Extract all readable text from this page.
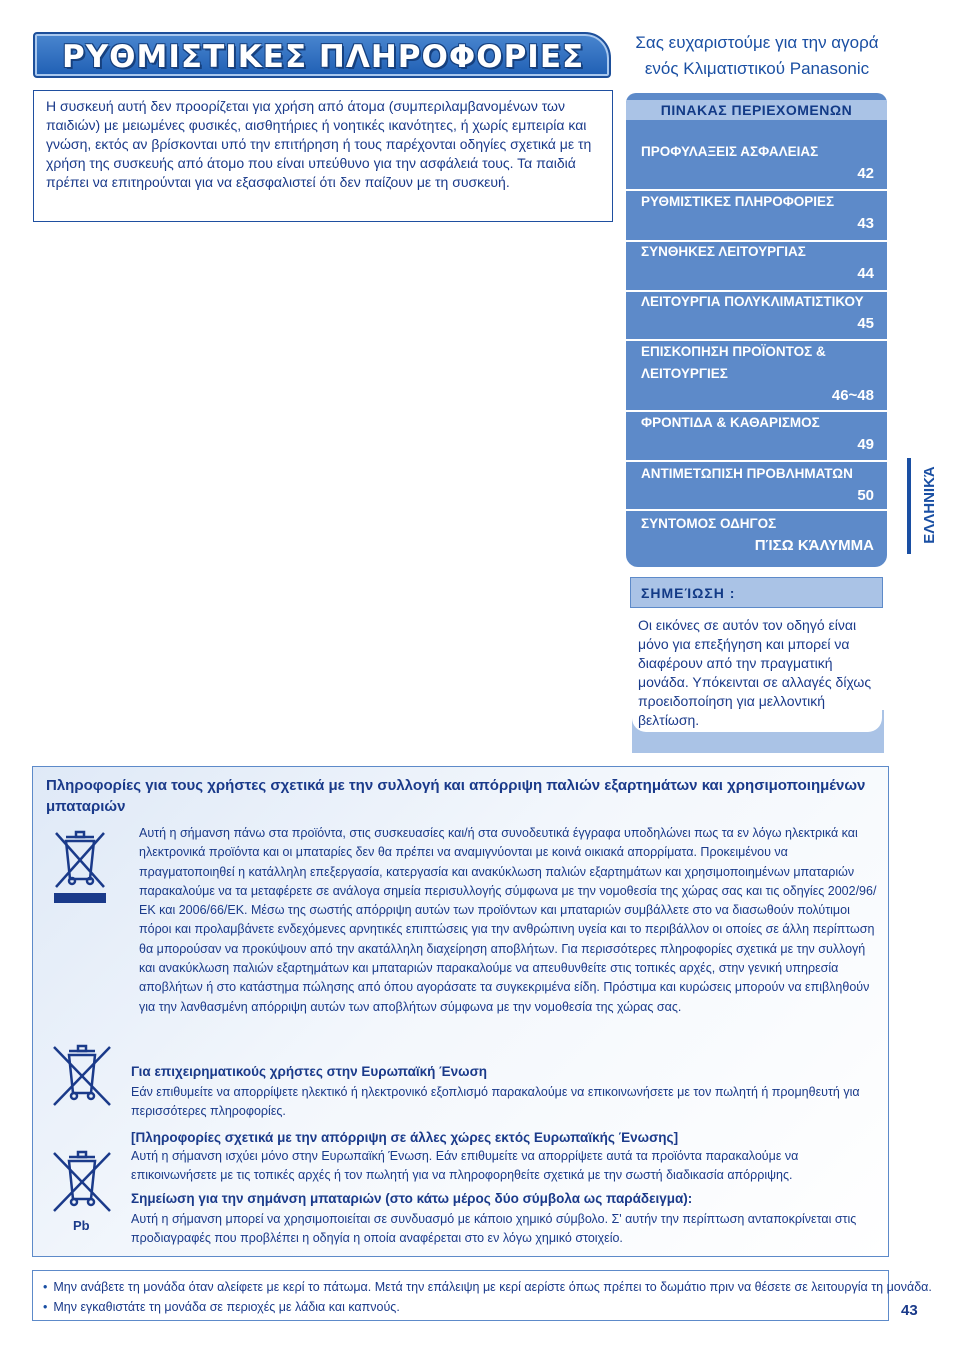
ΡΥΘΜΙΣΤΙΚΕΣ ΠΛΗΡΟΦΟΡΙΕΣ
Η συσκευή αυτή δεν προορίζεται για χρήση από άτομα (συμπεριλαμβανομένων των παιδιών) με μειωμένες φυσικές, αισθητήριες ή νοητικές ικανότητες, ή χωρίς εμπειρία και γνώση, εκτός αν βρίσκονται υπό την επιτήρηση ή τους παρέχονται οδηγίες σχετικά με τη χρήση της συσκευής από άτομο που είναι υπεύθυνο για την ασφάλειά τους. Τα παιδιά πρέπει να επιτηρούνται για να εξασφαλιστεί ότι δεν παίζουν με τη συσκευή.
Σας ευχαριστούμε για την αγορά
ενός Κλιματιστικού Panasonic
ΠΙΝΑΚΑΣ ΠΕΡΙΕΧΟΜΕΝΩΝ
ΠΡΟΦΥΛΑΞΕΙΣ ΑΣΦΑΛΕΙΑΣ
42
ΡΥΘΜΙΣΤΙΚΕΣ ΠΛΗΡΟΦΟΡΙΕΣ
43
ΣΥΝΘΗΚΕΣ ΛΕΙΤΟΥΡΓΙΑΣ
44
ΛΕΙΤΟΥΡΓΙΑ ΠΟΛΥΚΛΙΜΑΤΙΣΤΙΚΟΥ
45
ΕΠΙΣΚΟΠΗΣΗ ΠΡΟΪΟΝΤΟΣ & ΛΕΙΤΟΥΡΓΙΕΣ
46~48
ΦΡΟΝΤΙΔΑ & ΚΑΘΑΡΙΣΜΟΣ
49
ΑΝΤΙΜΕΤΩΠΙΣΗ ΠΡΟΒΛΗΜΑΤΩΝ
50
ΣΥΝΤΟΜΟΣ ΟΔΗΓΟΣ
ΠΊΣΩ ΚΆΛΥΜΜΑ
ΕΛΛΗΝΙΚΆ
ΣΗΜΕΊΩΣΗ :
Οι εικόνες σε αυτόν τον οδηγό είναι μόνο για επεξήγηση και μπορεί να διαφέρουν από την πραγματική μονάδα. Υπόκεινται σε αλλαγές δίχως προειδοποίηση για μελλοντική βελτίωση.
Πληροφορίες για τους χρήστες σχετικά με την συλλογή και απόρριψη παλιών εξαρτημάτων και χρησιμοποιημένων μπαταριών
Αυτή η σήμανση πάνω στα προϊόντα, στις συσκευασίες και/ή στα συνοδευτικά έγγραφα υποδηλώνει πως τα εν λόγω ηλεκτρικά και ηλεκτρονικά προϊόντα και οι μπαταρίες δεν θα πρέπει να αναμιγνύονται με κοινά οικιακά απορρίματα. Προκειμένου να πραγματοποιηθεί η κατάλληλη επεξεργασία, κατεργασία και ανακύκλωση παλιών εξαρτημάτων και χρησιμοποιημένων μπαταριών παρακαλούμε να τα μεταφέρετε σε ανάλογα σημεία περισυλλογής σύμφωνα με την νομοθεσία της χώρας σας και τις οδηγίες 2002/96/ΕΚ και 2006/66/ΕΚ. Μέσω της σωστής απόρριψη αυτών των προϊόντων και μπαταριών συμβάλλετε στο να διασωθούν πολύτιμοι πόροι και προλαμβάνετε ενδεχόμενες αρνητικές επιπτώσεις για την ανθρώπινη υγεία και το περιβάλλον οι οποίες σε άλλη περίπτωση θα μπορούσαν να προκύψουν από την ακατάλληλη διαχείρηση αποβλήτων. Για περισσότερες πληροφορίες σχετικά με την συλλογή και ανακύκλωση παλιών εξαρτημάτων και μπαταριών παρακαλούμε να απευθυνθείτε στις τοπικές αρχές, στην γενική υπηρεσία αποβλήτων ή στο κατάστημα πώλησης από όπου αγοράσατε τα συγκεκριμένα είδη. Πρόστιμα και κυρώσεις μπορούν να επιβληθούν για την λανθασμένη απόρριψη αυτών των αποβλήτων σύμφωνα με την νομοθεσία της χώρας σας.
Για επιχειρηματικούς χρήστες στην Ευρωπαϊκή Ένωση
Εάν επιθυμείτε να απορρίψετε ηλεκτικό ή ηλεκτρονικό εξοπλισμό παρακαλούμε να επικοινωνήσετε με τον πωλητή ή προμηθευτή για περισσότερες πληροφορίες.
[Πληροφορίες σχετικά με την απόρριψη σε άλλες χώρες εκτός Ευρωπαϊκής Ένωσης]
Αυτή η σήμανση ισχύει μόνο στην Ευρωπαϊκή Ένωση. Εάν επιθυμείτε να απορρίψετε αυτά τα προϊόντα παρακαλούμε να επικοινωνήσετε με τις τοπικές αρχές ή τον πωλητή για να πληροφορηθείτε σχετικά με την σωστή διαδικασία απόρριψης.
Pb
Σημείωση για την σημάνση μπαταριών (στο κάτω μέρος δύο σύμβολα ως παράδειγμα):
Αυτή η σήμανση μπορεί να χρησιμοποιείται σε συνδυασμό με κάποιο χημικό σύμβολο. Σ' αυτήν την περίπτωση ανταποκρίνεται στις προδιαγραφές που προβλέπει η οδηγία η οποία αναφέρεται στο εν λόγω χημικό στοιχείο.
• Μην ανάβετε τη μονάδα όταν αλείφετε με κερί το πάτωμα. Μετά την επάλειψη με κερί αερίστε όπως πρέπει το δωμάτιο πριν να θέσετε σε λειτουργία τη μονάδα.
• Μην εγκαθιστάτε τη μονάδα σε περιοχές με λάδια και καπνούς.	43
